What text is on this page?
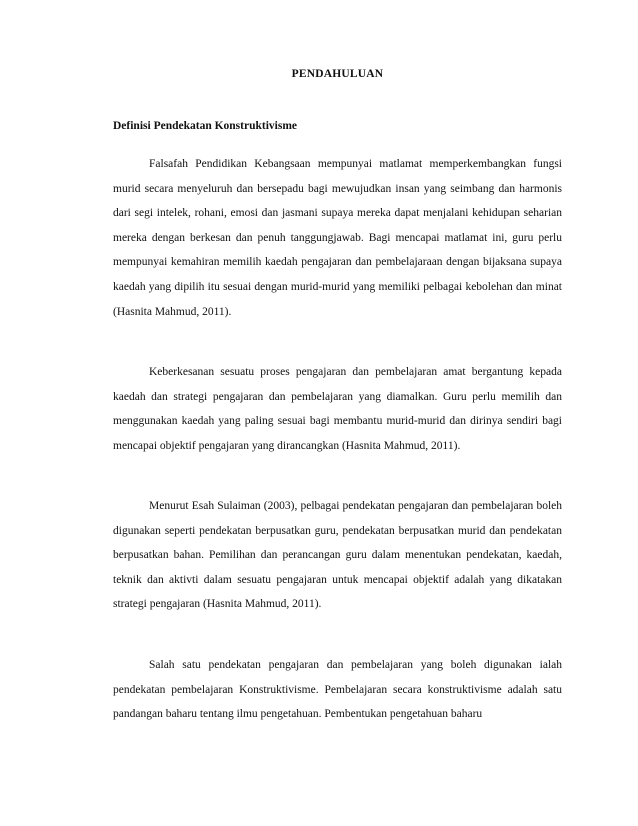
PENDAHULUAN
Definisi Pendekatan Konstruktivisme

Falsafah Pendidikan Kebangsaan mempunyai matlamat memperkembangkan fungsi murid secara menyeluruh dan bersepadu bagi mewujudkan insan yang seimbang dan harmonis dari segi intelek, rohani, emosi dan jasmani supaya mereka dapat menjalani kehidupan seharian mereka dengan berkesan dan penuh tanggungjawab. Bagi mencapai matlamat ini, guru perlu mempunyai kemahiran memilih kaedah pengajaran dan pembelajaraan dengan bijaksana supaya kaedah yang dipilih itu sesuai dengan murid-murid yang memiliki pelbagai kebolehan dan minat (Hasnita Mahmud, 2011).

Keberkesanan sesuatu proses pengajaran dan pembelajaran amat bergantung kepada kaedah dan strategi pengajaran dan pembelajaran yang diamalkan. Guru perlu memilih dan menggunakan kaedah yang paling sesuai bagi membantu murid-murid dan dirinya sendiri bagi mencapai objektif pengajaran yang dirancangkan (Hasnita Mahmud, 2011).

Menurut Esah Sulaiman (2003), pelbagai pendekatan pengajaran dan pembelajaran boleh digunakan seperti pendekatan berpusatkan guru, pendekatan berpusatkan murid dan pendekatan berpusatkan bahan. Pemilihan dan perancangan guru dalam menentukan pendekatan, kaedah, teknik dan aktivti dalam sesuatu pengajaran untuk mencapai objektif adalah yang dikatakan strategi pengajaran (Hasnita Mahmud, 2011).

Salah satu pendekatan pengajaran dan pembelajaran yang boleh digunakan ialah pendekatan pembelajaran Konstruktivisme. Pembelajaran secara konstruktivisme adalah satu pandangan baharu tentang ilmu pengetahuan. Pembentukan pengetahuan baharu
